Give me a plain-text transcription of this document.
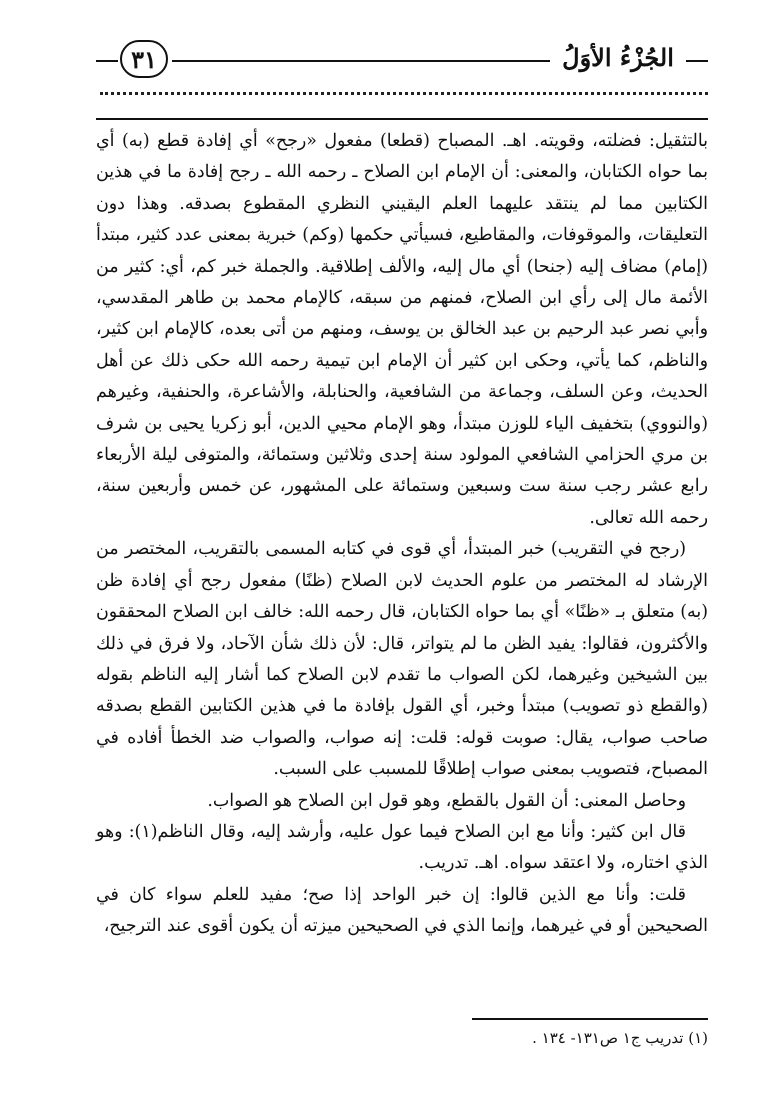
٣١	الجُزْءُ الأوَلُ

بالتثقيل: فضلته، وقويته. اهـ. المصباح (قطعا) مفعول «رجح» أي إفادة قطع (به) أي بما حواه الكتابان، والمعنى: أن الإمام ابن الصلاح ـ رحمه الله ـ رجح إفادة ما في هذين الكتابين مما لم ينتقد عليهما العلم اليقيني النظري المقطوع بصدقه. وهذا دون التعليقات، والموقوفات، والمقاطيع، فسيأتي حكمها (وكم) خبرية بمعنى عدد كثير، مبتدأ (إمام) مضاف إليه (جنحا) أي مال إليه، والألف إطلاقية. والجملة خبر كم، أي: كثير من الأئمة مال إلى رأي ابن الصلاح، فمنهم من سبقه، كالإمام محمد بن طاهر المقدسي، وأبي نصر عبد الرحيم بن عبد الخالق بن يوسف، ومنهم من أتى بعده، كالإمام ابن كثير، والناظم، كما يأتي، وحكى ابن كثير أن الإمام ابن تيمية رحمه الله حكى ذلك عن أهل الحديث، وعن السلف، وجماعة من الشافعية، والحنابلة، والأشاعرة، والحنفية، وغيرهم (والنووي) بتخفيف الياء للوزن مبتدأ، وهو الإمام محيي الدين، أبو زكريا يحيى بن شرف بن مري الحزامي الشافعي المولود سنة إحدى وثلاثين وستمائة، والمتوفى ليلة الأربعاء رابع عشر رجب سنة ست وسبعين وستمائة على المشهور، عن خمس وأربعين سنة، رحمه الله تعالى.

(رجح في التقريب) خبر المبتدأ، أي قوى في كتابه المسمى بالتقريب، المختصر من الإرشاد له المختصر من علوم الحديث لابن الصلاح (ظنًا) مفعول رجح أي إفادة ظن (به) متعلق بـ «ظنًا» أي بما حواه الكتابان، قال رحمه الله: خالف ابن الصلاح المحققون والأكثرون، فقالوا: يفيد الظن ما لم يتواتر، قال: لأن ذلك شأن الآحاد، ولا فرق في ذلك بين الشيخين وغيرهما، لكن الصواب ما تقدم لابن الصلاح كما أشار إليه الناظم بقوله (والقطع ذو تصويب) مبتدأ وخبر، أي القول بإفادة ما في هذين الكتابين القطع بصدقه صاحب صواب، يقال: صوبت قوله: قلت: إنه صواب، والصواب ضد الخطأ أفاده في المصباح، فتصويب بمعنى صواب إطلاقًا للمسبب على السبب.

وحاصل المعنى: أن القول بالقطع، وهو قول ابن الصلاح هو الصواب.

قال ابن كثير: وأنا مع ابن الصلاح فيما عول عليه، وأرشد إليه، وقال الناظم(١): وهو الذي اختاره، ولا اعتقد سواه. اهـ. تدريب.

قلت: وأنا مع الذين قالوا: إن خبر الواحد إذا صح؛ مفيد للعلم سواء كان في الصحيحين أو في غيرهما، وإنما الذي في الصحيحين ميزته أن يكون أقوى عند الترجيح،

(١) تدريب ج١ ص١٣١- ١٣٤ .
